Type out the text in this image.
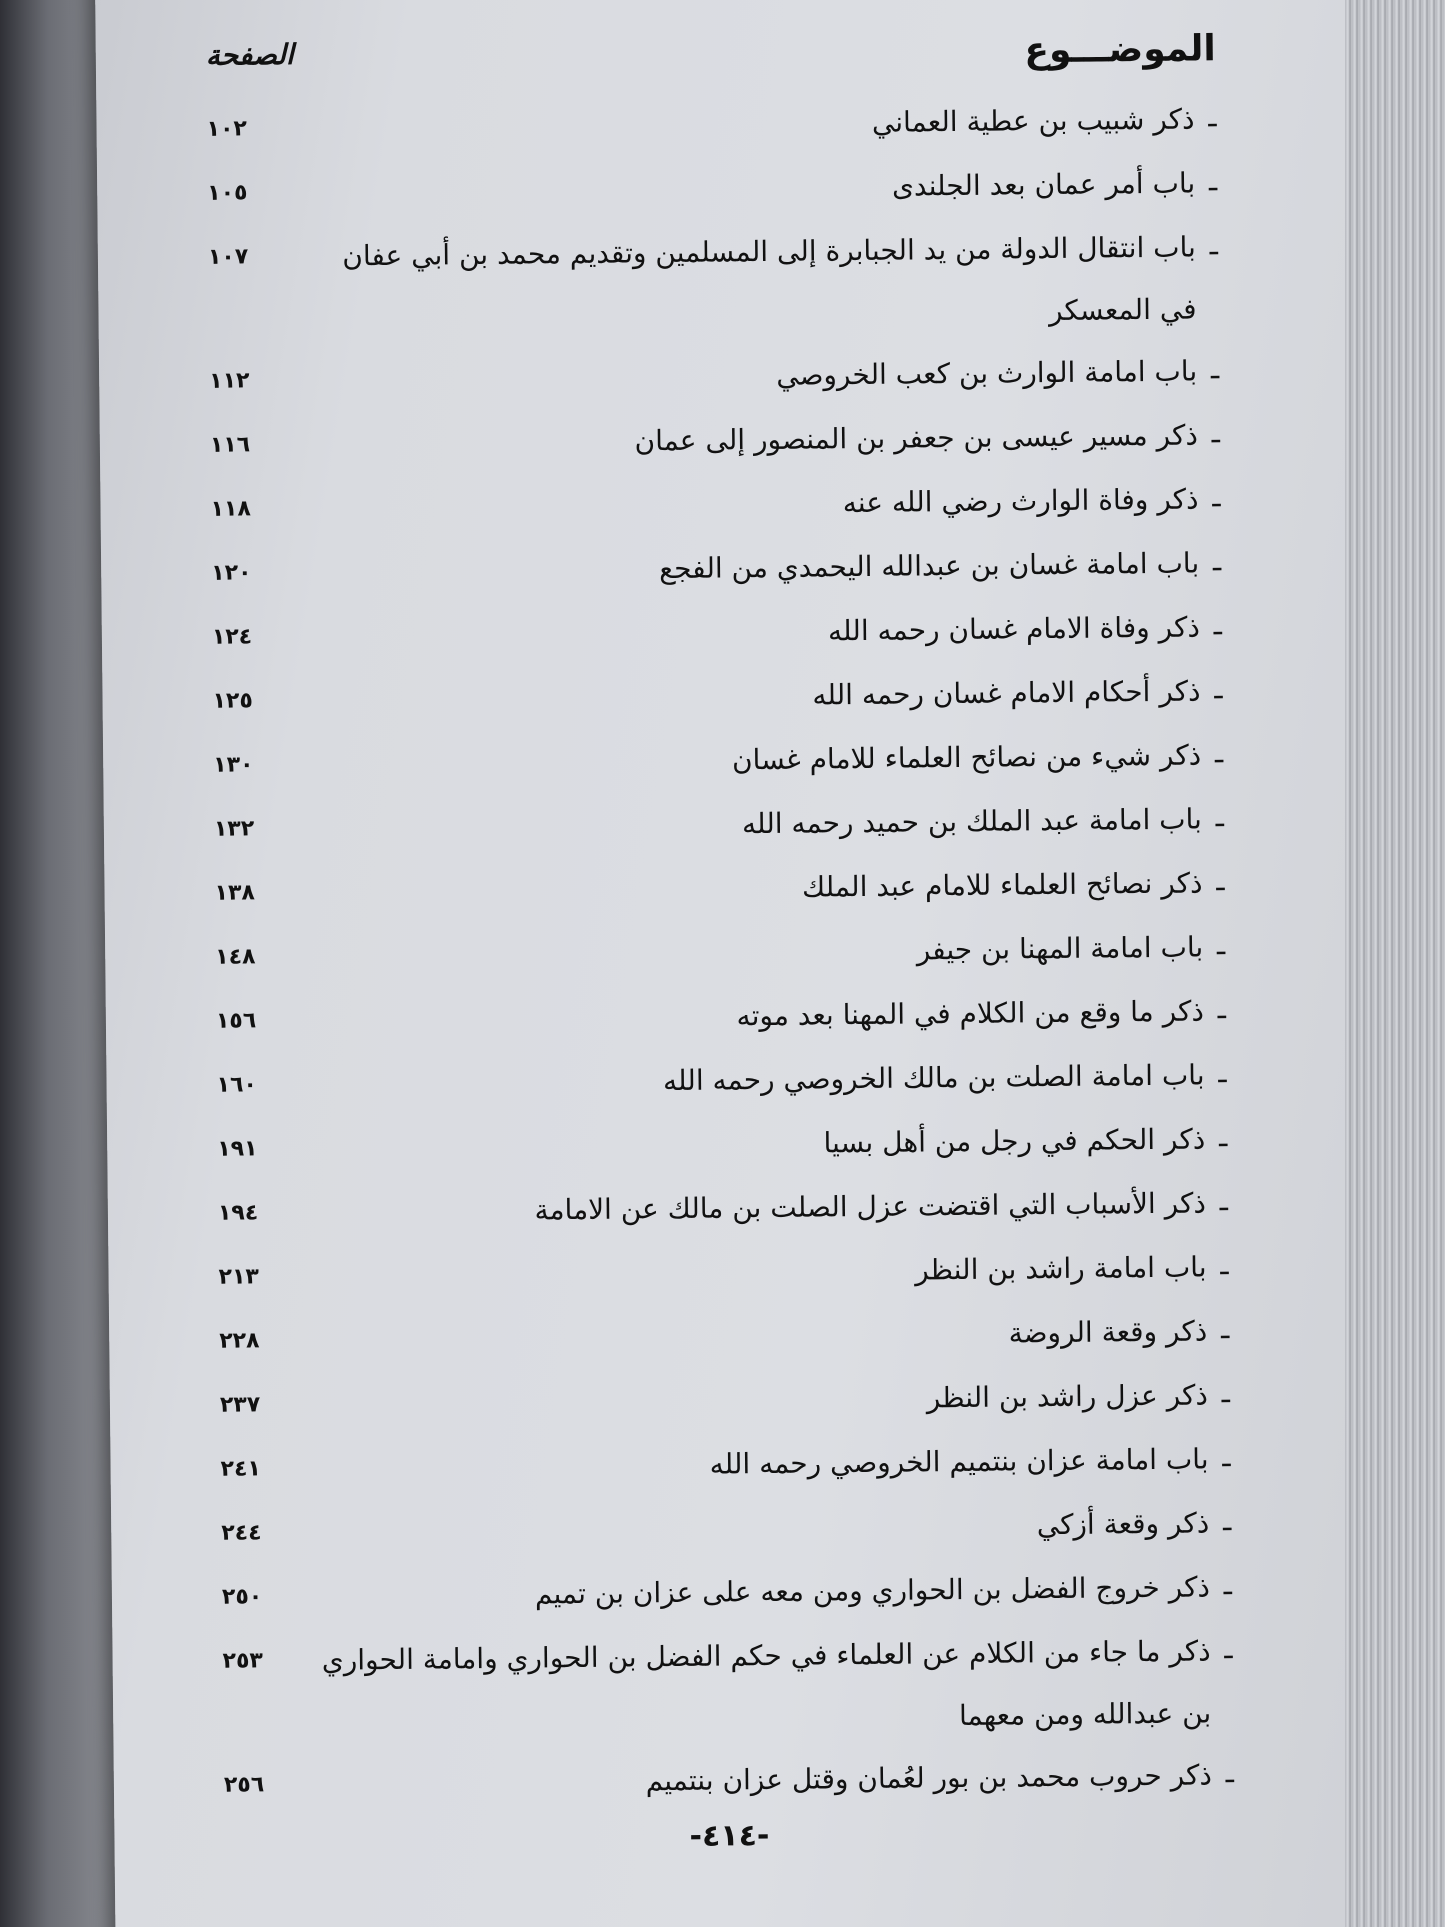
الموضـــوع
الصفحة
ـ
ذكر شبيب بن عطية العماني
١٠٢
ـ
باب أمر عمان بعد الجلندى
١٠٥
ـ
باب انتقال الدولة من يد الجبابرة إلى المسلمين وتقديم محمد بن أبي عفان في المعسكر
١٠٧
ـ
باب امامة الوارث بن كعب الخروصي
١١٢
ـ
ذكر مسير عيسى بن جعفر بن المنصور إلى عمان
١١٦
ـ
ذكر وفاة الوارث رضي الله عنه
١١٨
ـ
باب امامة غسان بن عبدالله اليحمدي من الفجع
١٢٠
ـ
ذكر وفاة الامام غسان رحمه الله
١٢٤
ـ
ذكر أحكام الامام غسان رحمه الله
١٢٥
ـ
ذكر شيء من نصائح العلماء للامام غسان
١٣٠
ـ
باب امامة عبد الملك بن حميد رحمه الله
١٣٢
ـ
ذكر نصائح العلماء للامام عبد الملك
١٣٨
ـ
باب امامة المهنا بن جيفر
١٤٨
ـ
ذكر ما وقع من الكلام في المهنا بعد موته
١٥٦
ـ
باب امامة الصلت بن مالك الخروصي رحمه الله
١٦٠
ـ
ذكر الحكم في رجل من أهل بسيا
١٩١
ـ
ذكر الأسباب التي اقتضت عزل الصلت بن مالك عن الامامة
١٩٤
ـ
باب امامة راشد بن النظر
٢١٣
ـ
ذكر وقعة الروضة
٢٢٨
ـ
ذكر عزل راشد بن النظر
٢٣٧
ـ
باب امامة عزان بنتميم الخروصي رحمه الله
٢٤١
ـ
ذكر وقعة أزكي
٢٤٤
ـ
ذكر خروج الفضل بن الحواري ومن معه على عزان بن تميم
٢٥٠
ـ
ذكر ما جاء من الكلام عن العلماء في حكم الفضل بن الحواري وامامة الحواري بن عبدالله ومن معهما
٢٥٣
ـ
ذكر حروب محمد بن بور لعُمان وقتل عزان بنتميم
٢٥٦
-٤١٤-
